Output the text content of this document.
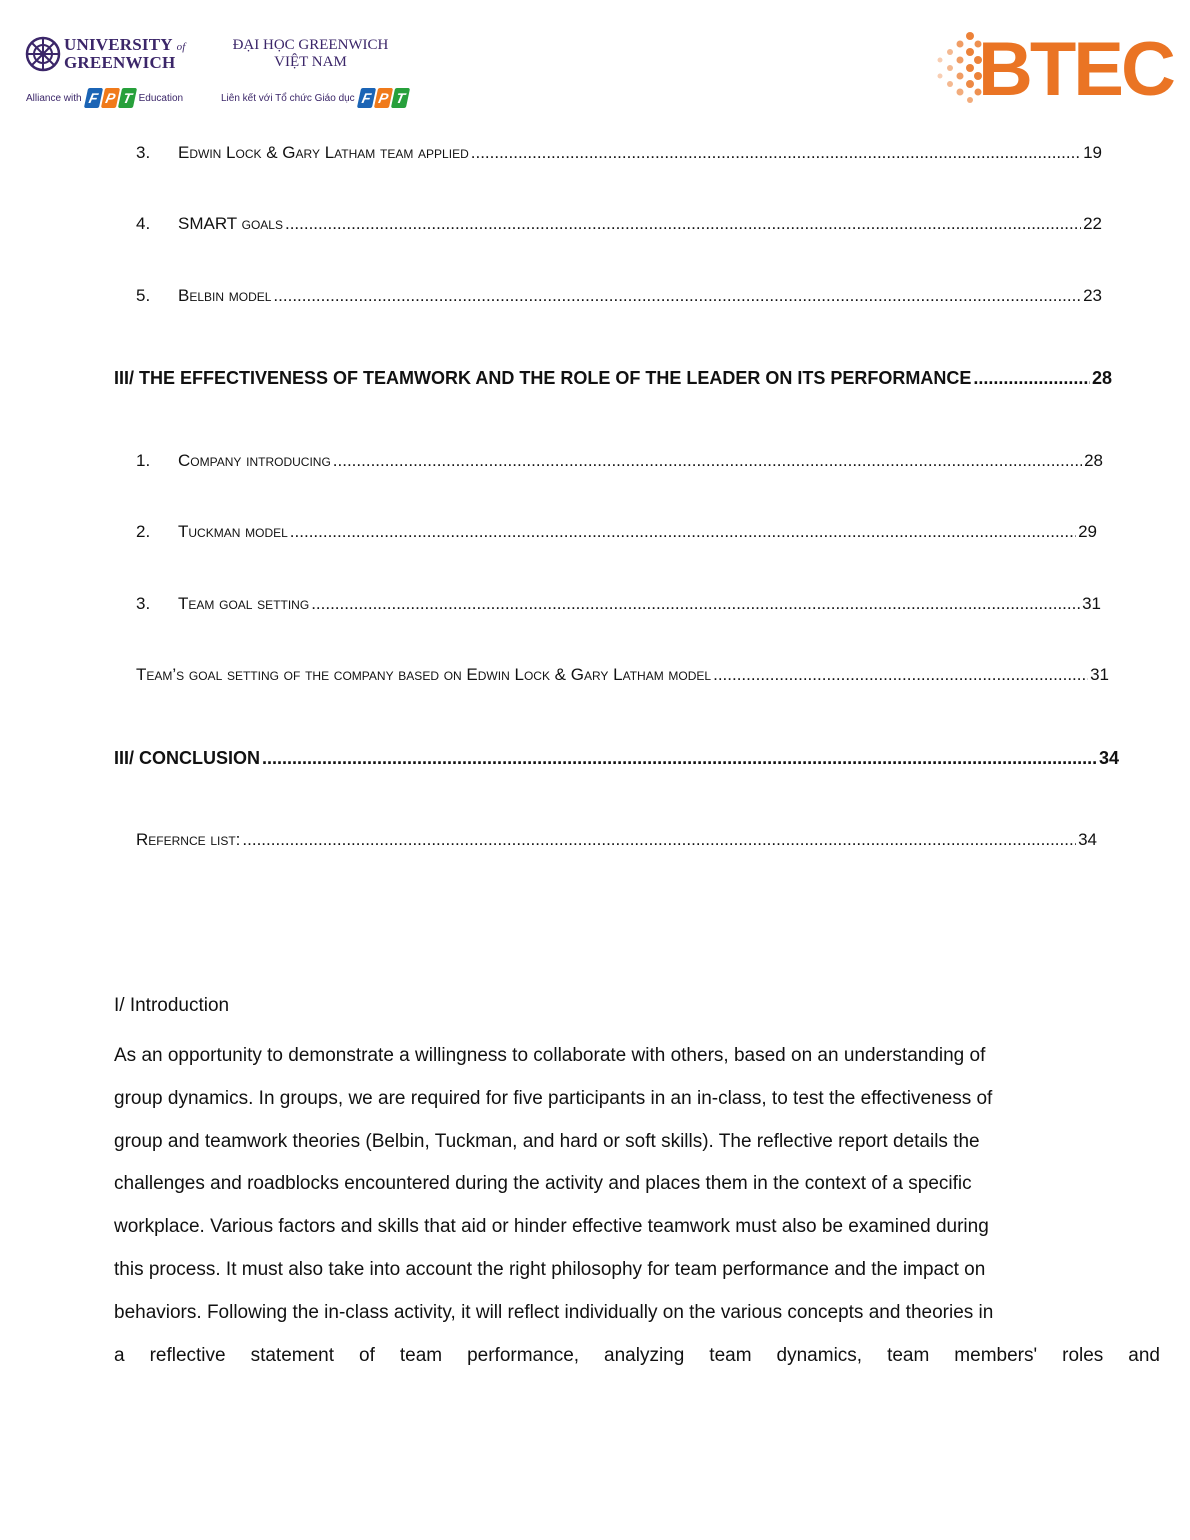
UNIVERSITY of
GREENWICH
ĐẠI HỌC GREENWICH
VIỆT NAM
Alliance with F P T Education	Liên kết với Tổ chức Giáo dục F P T	BTEC
3.	Edwin Lock & Gary Latham team applied .....	19
4.	SMART goals .....	22
5.	Belbin model .....	23
III/ THE EFFECTIVENESS OF TEAMWORK AND THE ROLE OF THE LEADER ON ITS PERFORMANCE .....	28
1.	Company introducing .....	28
2.	Tuckman model .....	29
3.	Team goal setting .....	31
Team’s goal setting of the company based on Edwin Lock & Gary Latham model .....	31
III/ CONCLUSION .....	34
Refernce list: .....	34
I/ Introduction
As an opportunity to demonstrate a willingness to collaborate with others, based on an understanding of
group dynamics. In groups, we are required for five participants in an in-class, to test the effectiveness of
group and teamwork theories (Belbin, Tuckman, and hard or soft skills). The reflective report details the
challenges and roadblocks encountered during the activity and places them in the context of a specific
workplace. Various factors and skills that aid or hinder effective teamwork must also be examined during
this process. It must also take into account the right philosophy for team performance and the impact on
behaviors. Following the in-class activity, it will reflect individually on the various concepts and theories in
a reflective statement of team performance, analyzing team dynamics, team members' roles and
